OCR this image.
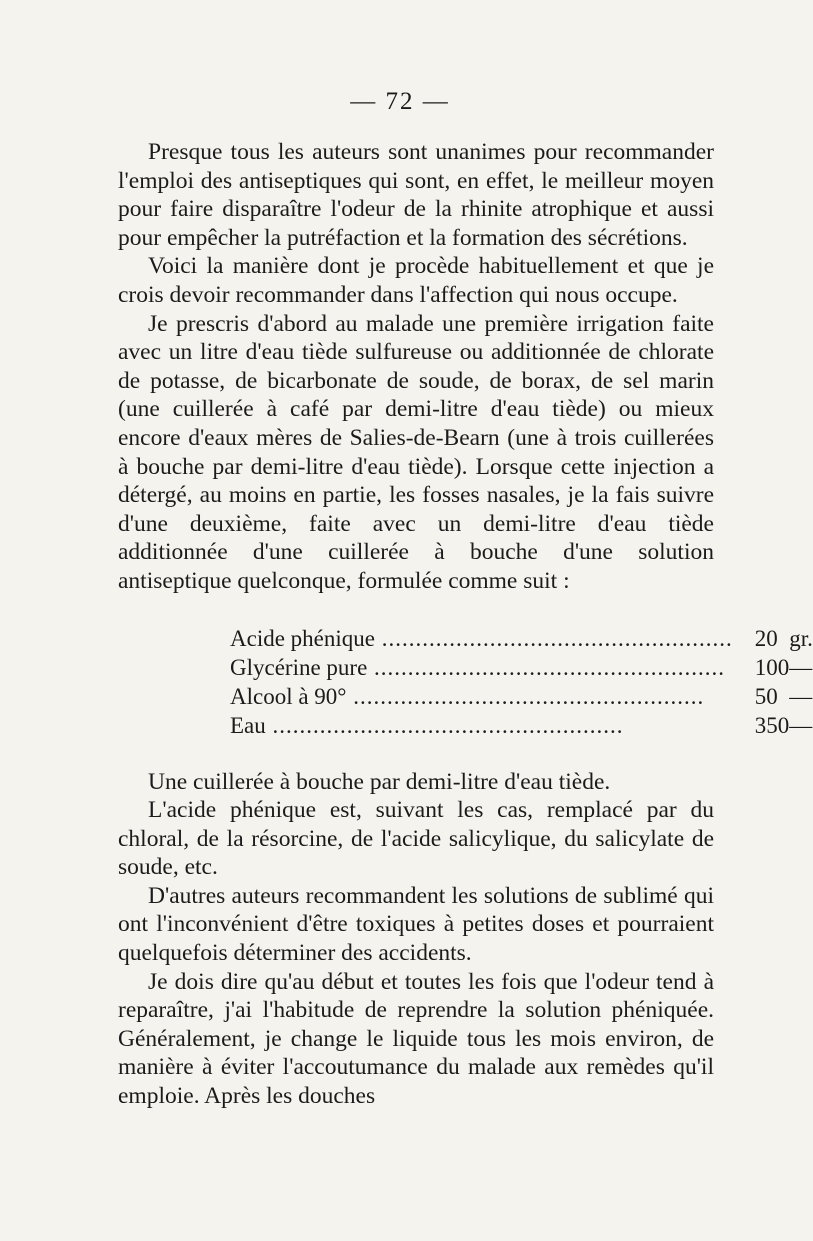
— 72 —

Presque tous les auteurs sont unanimes pour recommander l'emploi des antiseptiques qui sont, en effet, le meilleur moyen pour faire disparaître l'odeur de la rhinite atrophique et aussi pour empêcher la putréfaction et la formation des sécrétions.

Voici la manière dont je procède habituellement et que je crois devoir recommander dans l'affection qui nous occupe.

Je prescris d'abord au malade une première irrigation faite avec un litre d'eau tiède sulfureuse ou additionnée de chlorate de potasse, de bicarbonate de soude, de borax, de sel marin (une cuillerée à café par demi-litre d'eau tiède) ou mieux encore d'eaux mères de Salies-de-Bearn (une à trois cuillerées à bouche par demi-litre d'eau tiède). Lorsque cette injection a détergé, au moins en partie, les fosses nasales, je la fais suivre d'une deuxième, faite avec un demi-litre d'eau tiède additionnée d'une cuillerée à bouche d'une solution antiseptique quelconque, formulée comme suit :

Acide phénique .....	20	gr.
Glycérine pure .....	100	—
Alcool à 90° .....	50	—
Eau .....	350	—

Une cuillerée à bouche par demi-litre d'eau tiède.

L'acide phénique est, suivant les cas, remplacé par du chloral, de la résorcine, de l'acide salicylique, du salicylate de soude, etc.

D'autres auteurs recommandent les solutions de sublimé qui ont l'inconvénient d'être toxiques à petites doses et pourraient quelquefois déterminer des accidents.

Je dois dire qu'au début et toutes les fois que l'odeur tend à reparaître, j'ai l'habitude de reprendre la solution phéniquée. Généralement, je change le liquide tous les mois environ, de manière à éviter l'accoutumance du malade aux remèdes qu'il emploie. Après les douches
